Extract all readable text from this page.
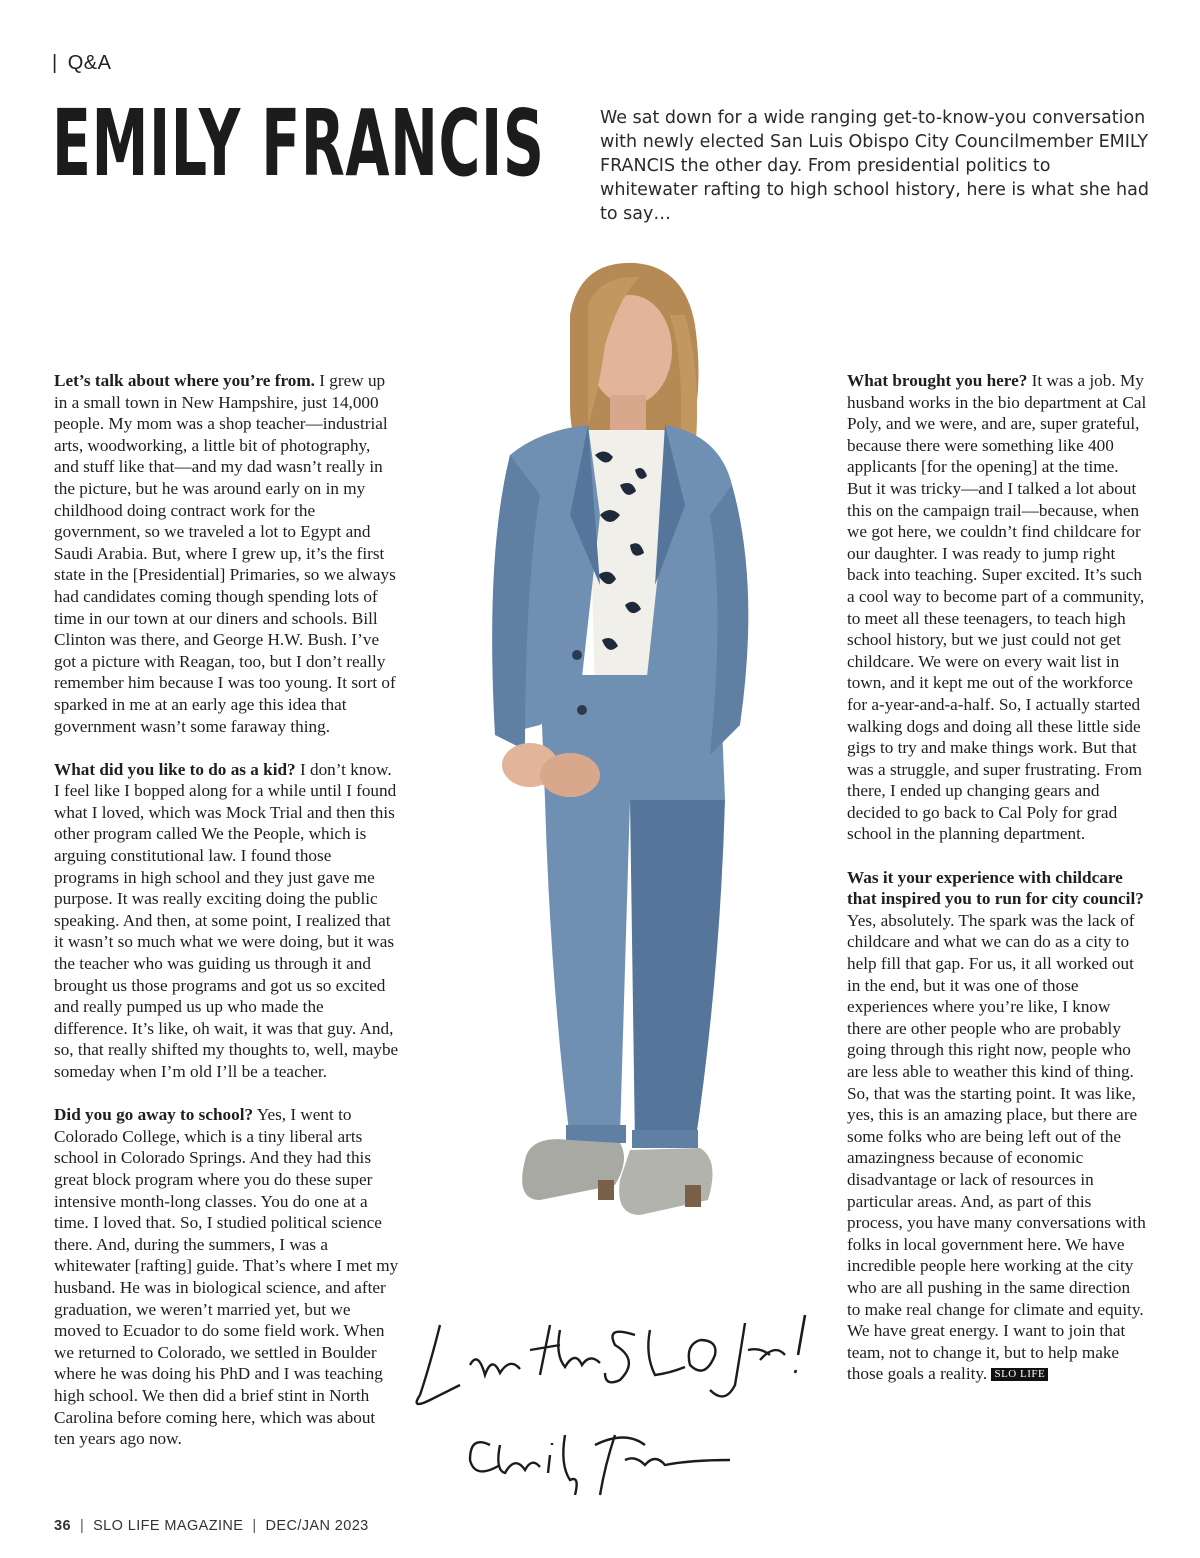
| Q&A
EMILY FRANCIS	We sat down for a wide ranging get-to-know-you conversation with newly elected San Luis Obispo City Councilmember EMILY FRANCIS the other day. From presidential politics to whitewater rafting to high school history, here is what she had to say…

Let’s talk about where you’re from. I grew up in a small town in New Hampshire, just 14,000 people. My mom was a shop teacher—industrial arts, woodworking, a little bit of photography, and stuff like that—and my dad wasn’t really in the picture, but he was around early on in my childhood doing contract work for the government, so we traveled a lot to Egypt and Saudi Arabia. But, where I grew up, it’s the first state in the [Presidential] Primaries, so we always had candidates coming though spending lots of time in our town at our diners and schools. Bill Clinton was there, and George H.W. Bush. I’ve got a picture with Reagan, too, but I don’t really remember him because I was too young. It sort of sparked in me at an early age this idea that government wasn’t some faraway thing.

What did you like to do as a kid? I don’t know. I feel like I bopped along for a while until I found what I loved, which was Mock Trial and then this other program called We the People, which is arguing constitutional law. I found those programs in high school and they just gave me purpose. It was really exciting doing the public speaking. And then, at some point, I realized that it wasn’t so much what we were doing, but it was the teacher who was guiding us through it and brought us those programs and got us so excited and really pumped us up who made the difference. It’s like, oh wait, it was that guy. And, so, that really shifted my thoughts to, well, maybe someday when I’m old I’ll be a teacher.

Did you go away to school? Yes, I went to Colorado College, which is a tiny liberal arts school in Colorado Springs. And they had this great block program where you do these super intensive month-long classes. You do one at a time. I loved that. So, I studied political science there. And, during the summers, I was a whitewater [rafting] guide. That’s where I met my husband. He was in biological science, and after graduation, we weren’t married yet, but we moved to Ecuador to do some field work. When we returned to Colorado, we settled in Boulder where he was doing his PhD and I was teaching high school. We then did a brief stint in North Carolina before coming here, which was about ten years ago now.

What brought you here? It was a job. My husband works in the bio department at Cal Poly, and we were, and are, super grateful, because there were something like 400 applicants [for the opening] at the time. But it was tricky—and I talked a lot about this on the campaign trail—because, when we got here, we couldn’t find childcare for our daughter. I was ready to jump right back into teaching. Super excited. It’s such a cool way to become part of a community, to meet all these teenagers, to teach high school history, but we just could not get childcare. We were on every wait list in town, and it kept me out of the workforce for a-year-and-a-half. So, I actually started walking dogs and doing all these little side gigs to try and make things work. But that was a struggle, and super frustrating. From there, I ended up changing gears and decided to go back to Cal Poly for grad school in the planning department.

Was it your experience with childcare that inspired you to run for city council? Yes, absolutely. The spark was the lack of childcare and what we can do as a city to help fill that gap. For us, it all worked out in the end, but it was one of those experiences where you’re like, I know there are other people who are probably going through this right now, people who are less able to weather this kind of thing. So, that was the starting point. It was like, yes, this is an amazing place, but there are some folks who are being left out of the amazingness because of economic disadvantage or lack of resources in particular areas. And, as part of this process, you have many conversations with folks in local government here. We have incredible people here working at the city who are all pushing in the same direction to make real change for climate and equity. We have great energy. I want to join that team, not to change it, but to help make those goals a reality. SLO LIFE

36 | SLO LIFE MAGAZINE | DEC/JAN 2023
